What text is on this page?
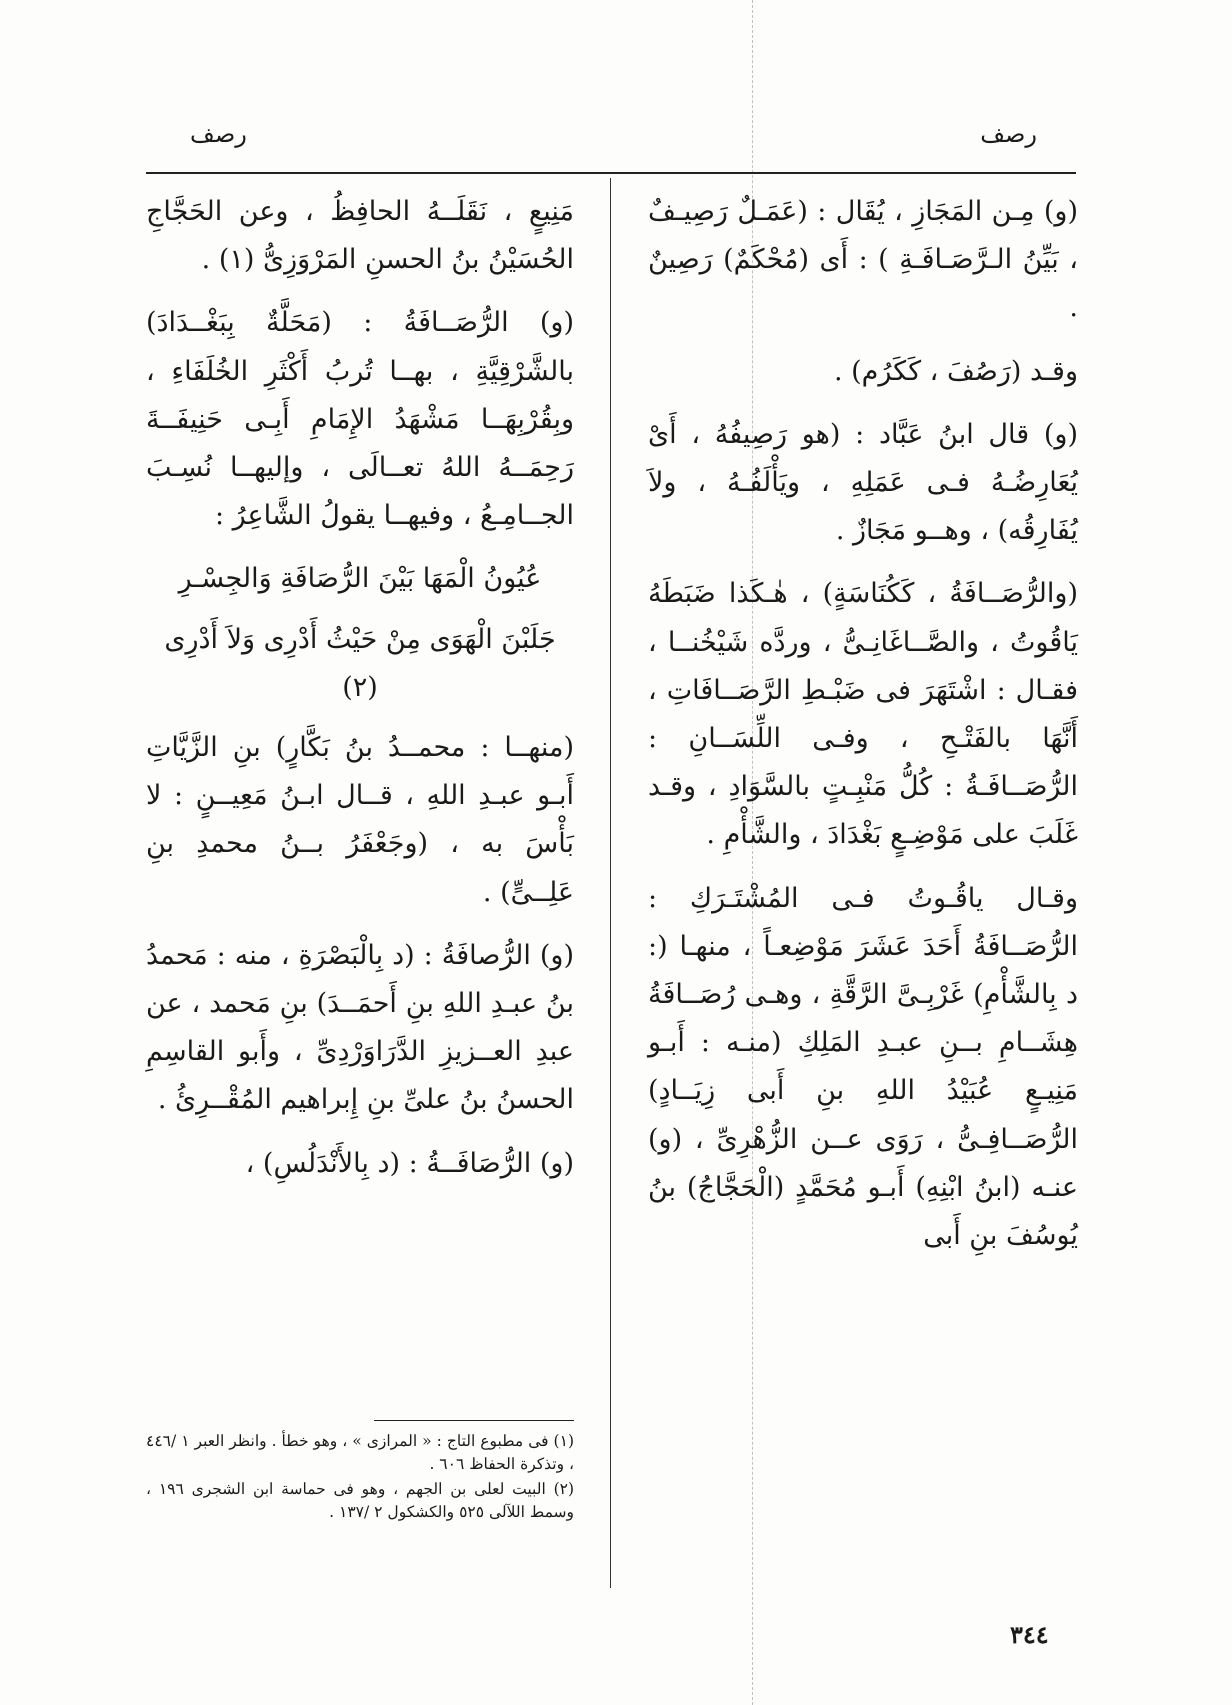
رصف
رصف

(و) مِـن المَجَازِ ، يُقَال : (عَمَـلٌ رَصِيـفٌ ، بَيِّنُ الـرَّصَـافَـةِ ) : أَى (مُحْكَمٌ) رَصِينٌ .

وقـد (رَصُفَ ، كَكَرُم) .

(و) قال ابنُ عَبَّاد : (هو رَصِيفُهُ ، أَىْ يُعَارِضُـهُ فـى عَمَلِهِ ، ويَأْلَفُـهُ ، ولاَ يُفَارِقُه) ، وهــو مَجَازٌ .

(والرُّصَــافَةُ ، كَكُنَاسَةٍ) ، هٰـكَذا ضَبَطَهُ يَاقُوتُ ، والصَّــاغَانِـىُّ ، وردَّه شَيْخُنــا ، فقـال : اشْتَهَرَ فى ضَبْـطِ الرَّصَــافَاتِ ، أَنَّهَا بالفَتْـحِ ، وفـى اللِّسَــانِ : الرُّصَــافَـةُ : كُلُّ مَنْبِـتٍ بالسَّوَادِ ، وقـد غَلَبَ على مَوْضِـعٍ بَغْدَادَ ، والشَّأْمِ .

وقـال ياقُـوتُ فـى المُشْتَـرَكِ : الرُّصَــافَةُ أَحَدَ عَشَرَ مَوْضِعـاً ، منهـا (: د بِالشَّأْمِ) غَرْبِـىَّ الرَّقَّةِ ، وهـى رُصَــافَةُ هِشَــامِ بــنِ عبـدِ المَلِكِ (منـه : أَبـو مَنِيـعٍ عُبَيْدُ اللهِ بنِ أَبى زِيَــادٍ) الرُّصَــافِـىُّ ، رَوَى عــن الزُّهْرِىِّ ، (و) عنـه (ابنُ ابْنِهِ) أَبـو مُحَمَّدٍ (الْحَجَّاجُ) بنُ يُوسُفَ بنِ أَبى

مَنِيعٍ ، نَقَلَــهُ الحافِظُ ، وعن الحَجَّاجِ الحُسَيْنُ بنُ الحسنِ المَرْوَزِىُّ (١) .

(و) الرُّصَــافَةُ : (مَحَلَّةٌ بِبَغْــدَادَ) بالشَّرْقِيَّةِ ، بهــا تُربُ أَكْثَرِ الخُلَفَاءِ ، وبِقُرْبِهَــا مَشْهَدُ الإِمَامِ أَبِـى حَنِيفَــةَ رَحِمَــهُ اللهُ تعــالَى ، وإليهــا نُسِـبَ الجــامِـعُ ، وفيهــا يقولُ الشَّاعِرُ :

عُيُونُ الْمَهَا بَيْنَ الرُّصَافَةِ وَالجِسْـرِ

جَلَبْنَ الْهَوَى مِنْ حَيْثُ أَدْرِى وَلاَ أَدْرِى (٢)

(منهــا : محمــدُ بنُ بَكَّارٍ) بنِ الزَّيَّاتِ أَبـو عبـدِ اللهِ ، قــال ابـنُ مَعِيــنٍ : لا بَأْسَ به ، (وجَعْفَرُ بــنُ محمدِ بنِ عَلِــىٍّ) .

(و) الرُّصافَةُ : (د بِالْبَصْرَةِ ، منه : مَحمدُ بنُ عبـدِ اللهِ بنِ أَحمَــدَ) بنِ مَحمد ، عن عبدِ العــزيزِ الدَّرَاوَرْدِىِّ ، وأَبو القاسِمِ الحسنُ بنُ علىِّ بنِ إِبراهيم المُقْــرِئُ .

(و) الرُّصَافَــةُ : (د بِالأَنْدَلُسِ) ،

(١) فى مطبوع التاج : « المرازى » ، وهو خطأ . وانظر العبر ١ /٤٤٦ ، وتذكرة الحفاظ ٦٠٦ .

(٢) البيت لعلى بن الجهم ، وهو فى حماسة ابن الشجرى ١٩٦ ، وسمط اللآلى ٥٢٥ والكشكول ٢ /١٣٧ .

٣٤٤
